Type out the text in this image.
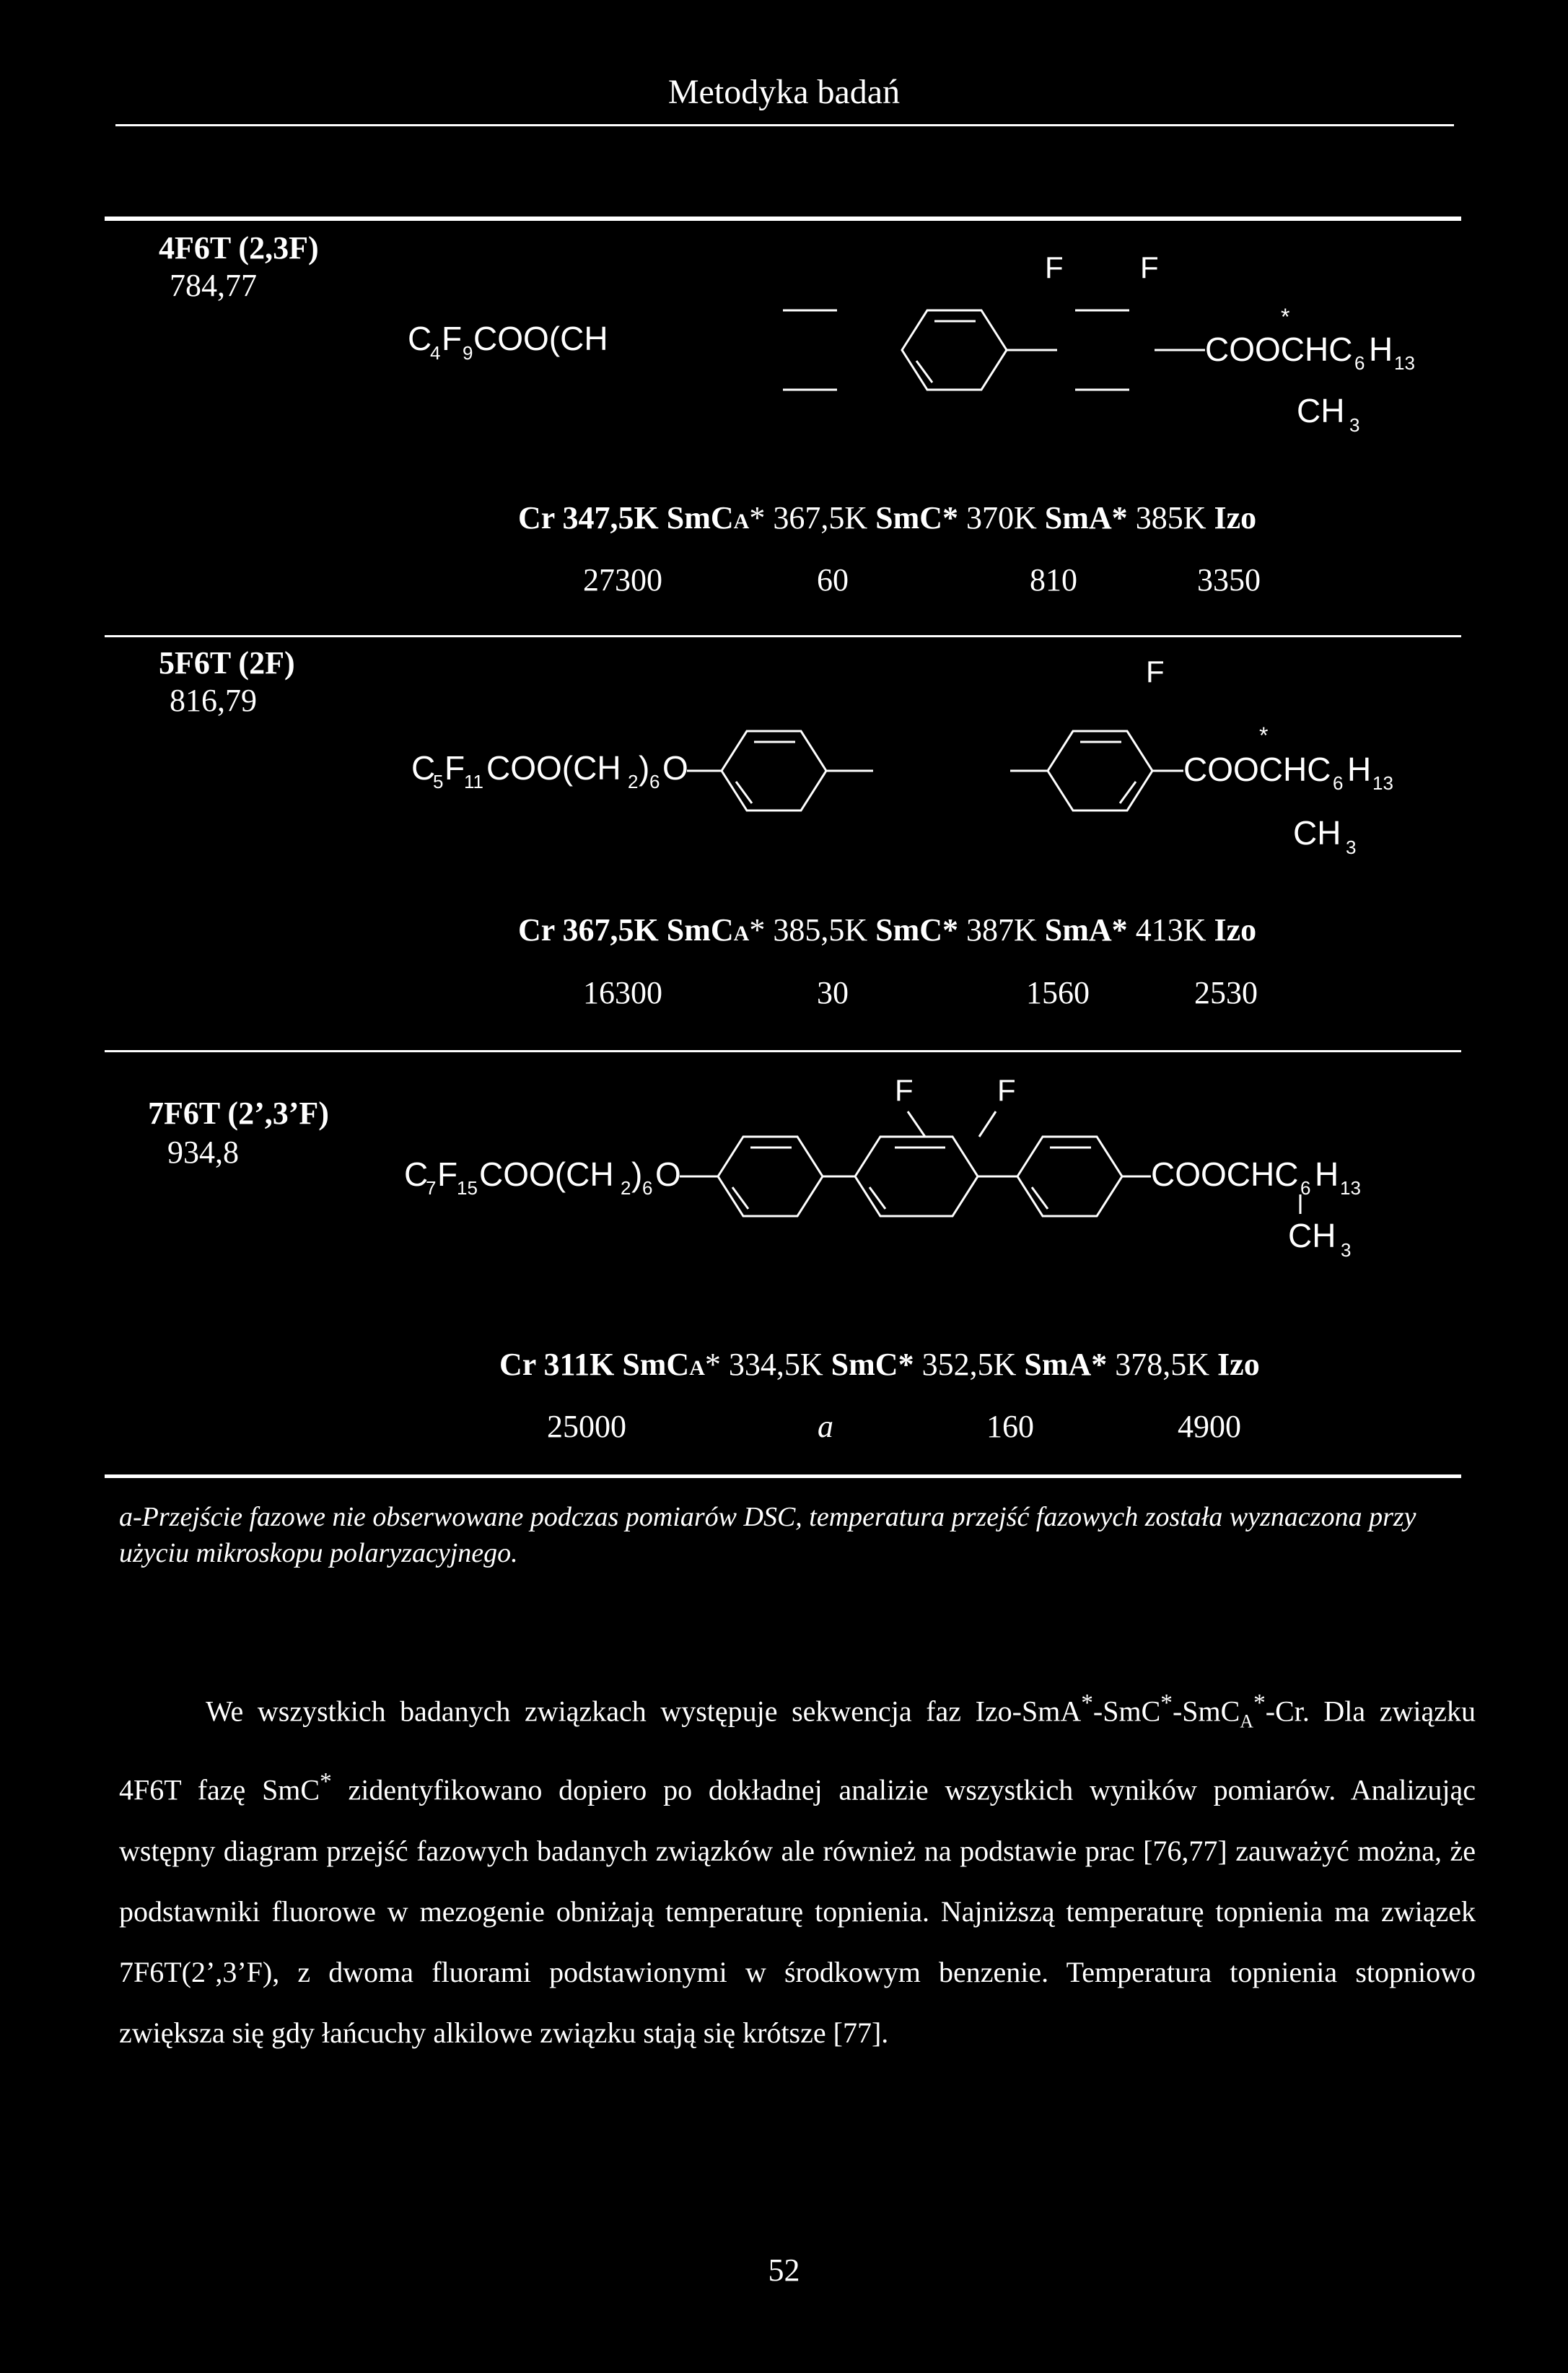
Metodyka badań
4F6T (2,3F)
784,77
C
4 F 9 COO(CH
F	F
COOCHC
*
6 H 13
CH 3
Cr 347,5K SmCA* 367,5K SmC* 370K SmA* 385K Izo
27300	60	810	3350
5F6T (2F)
816,79
C
5 F
11 COO(CH 2 ) 6 O
F
COOCHC
*
6 H 13
CH 3
Cr 367,5K SmCA* 385,5K SmC* 387K SmA* 413K Izo
16300	30	1560	2530
7F6T (2’,3’F)
934,8
C
7 F
15 COO(CH 2 ) 6 O
F	F
COOCHC 6 H 13
CH 3
Cr 311K SmCA* 334,5K SmC* 352,5K SmA* 378,5K Izo
25000	a	160	4900
a-Przejście fazowe nie obserwowane podczas pomiarów DSC, temperatura przejść fazowych została wyznaczona przy użyciu mikroskopu polaryzacyjnego.
We wszystkich badanych związkach występuje sekwencja faz Izo-SmA*-SmC*-SmC$_A$*-Cr. Dla związku 4F6T fazę SmC* zidentyfikowano dopiero po dokładnej analizie wszystkich wyników pomiarów. Analizując wstępny diagram przejść fazowych badanych związków ale również na podstawie prac [76,77] zauważyć można, że podstawniki fluorowe w mezogenie obniżają temperaturę topnienia. Najniższą temperaturę topnienia ma związek 7F6T(2’,3’F), z dwoma fluorami podstawionymi w środkowym benzenie. Temperatura topnienia stopniowo zwiększa się gdy łańcuchy alkilowe związku stają się krótsze [77].
52
